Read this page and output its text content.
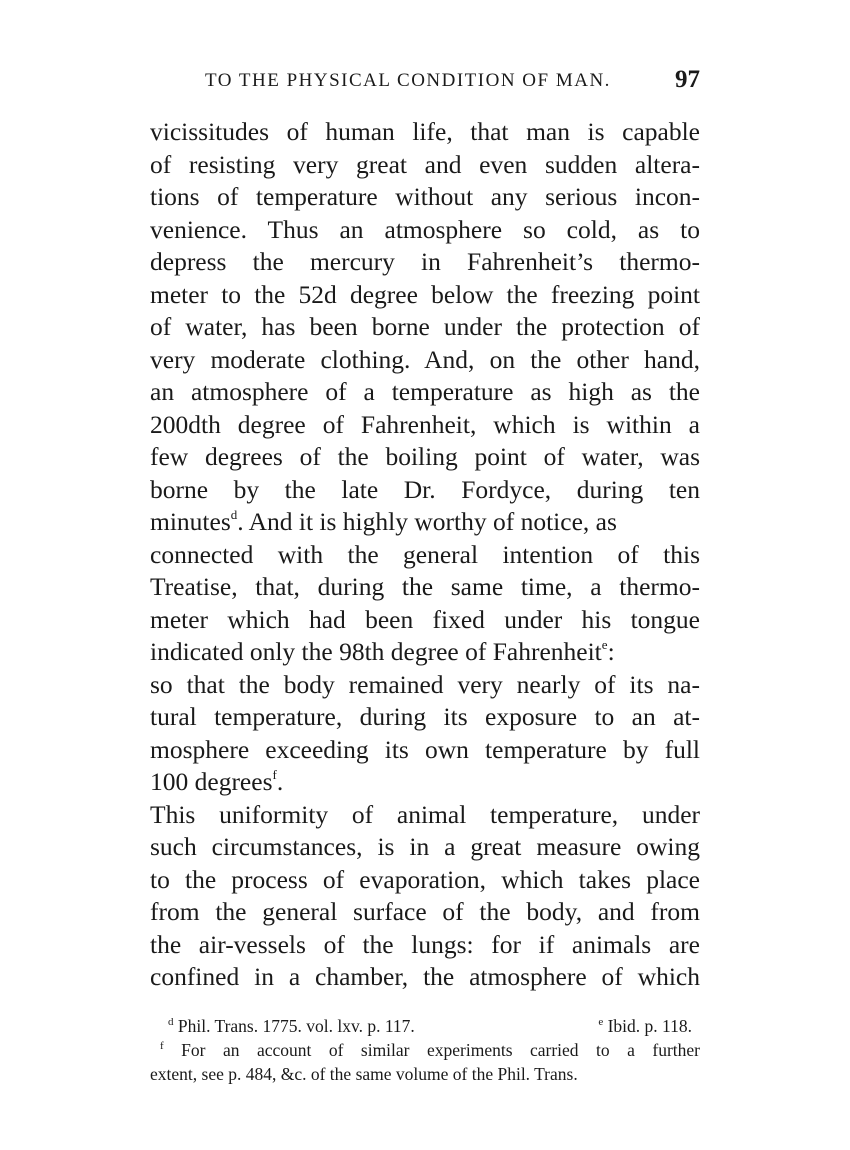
TO THE PHYSICAL CONDITION OF MAN.	97
vicissitudes of human life, that man is capable
of resisting very great and even sudden altera-
tions of temperature without any serious incon-
venience. Thus an atmosphere so cold, as to
depress the mercury in Fahrenheit’s thermo-
meter to the 52d degree below the freezing point
of water, has been borne under the protection of
very moderate clothing. And, on the other hand,
an atmosphere of a temperature as high as the
200dth degree of Fahrenheit, which is within a
few degrees of the boiling point of water, was
borne by the late Dr. Fordyce, during ten
minutes$^d$. And it is highly worthy of notice, as
connected with the general intention of this
Treatise, that, during the same time, a thermo-
meter which had been fixed under his tongue
indicated only the 98th degree of Fahrenheit$^e$:
so that the body remained very nearly of its na-
tural temperature, during its exposure to an at-
mosphere exceeding its own temperature by full
100 degrees$^f$.
This uniformity of animal temperature, under
such circumstances, is in a great measure owing
to the process of evaporation, which takes place
from the general surface of the body, and from
the air-vessels of the lungs: for if animals are
confined in a chamber, the atmosphere of which
$^d$ Phil. Trans. 1775. vol. lxv. p. 117.	$^e$ Ibid. p. 118.
$^f$ For an account of similar experiments carried to a further
extent, see p. 484, &c. of the same volume of the Phil. Trans.
